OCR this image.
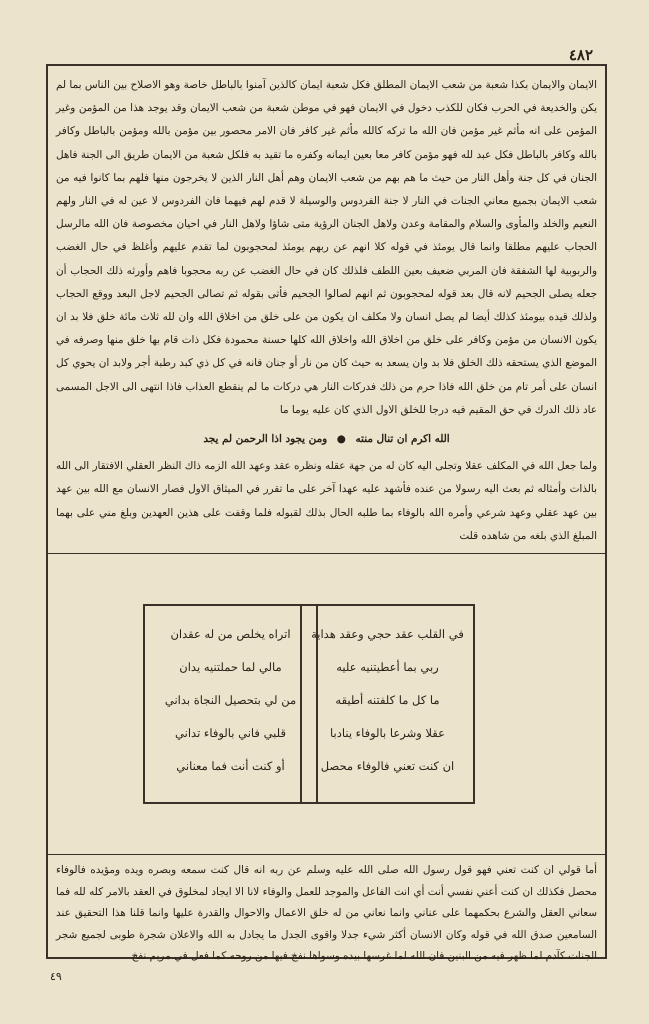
٤٨٢

الايمان والايمان بكذا شعبة من شعب الايمان المطلق فكل شعبة ايمان كالذين آمنوا بالباطل خاصة وهو الاصلاح بين الناس بما لم يكن والخديعة في الحرب فكان للكذب دخول في الايمان فهو في موطن شعبة من شعب الايمان وقد يوجد هذا من المؤمن وغير المؤمن على انه مأثم غير مؤمن فان الله ما تركه كالله مأثم غير كافر فان الامر محصور بين مؤمن بالله ومؤمن بالباطل وكافر بالله وكافر بالباطل فكل عبد لله فهو مؤمن كافر معا بعين ايمانه وكفره ما تقيد به فلكل شعبة من الايمان طريق الى الجنة فاهل الجنان في كل جنة وأهل النار من حيث ما هم بهم من شعب الايمان وهم أهل النار الذين لا يخرجون منها فلهم بما كانوا فيه من شعب الايمان بجميع معاني الجنات في النار لا جنة الفردوس والوسيلة لا قدم لهم فيهما فان الفردوس لا عين له في النار ولهم النعيم والخلد والمأوى والسلام والمقامة وعدن ولاهل الجنان الرؤية متى شاؤا ولاهل النار في احيان مخصوصة فان الله مالرسل الحجاب عليهم مطلقا وانما قال يومئذ في قوله كلا انهم عن ربهم يومئذ لمحجوبون لما تقدم عليهم وأغلظ في حال الغضب والربوبية لها الشفقة فان المربي ضعيف بعين اللطف فلذلك كان في حال الغضب عن ربه محجوبا فاهم وأورثه ذلك الحجاب أن جعله يصلى الجحيم لانه قال بعد قوله لمحجوبون ثم انهم لصالوا الجحيم فأتى بقوله ثم تصالى الجحيم لاجل البعد ووقع الحجاب ولذلك قيده بيومئذ كذلك أيضا لم يصل انسان ولا مكلف ان يكون من على خلق من اخلاق الله وان لله ثلاث مائة خلق فلا بد ان يكون الانسان من مؤمن وكافر على خلق من اخلاق الله واخلاق الله كلها حسنة محمودة فكل ذات قام بها خلق منها وصرفه في الموضع الذي يستحقه ذلك الخلق فلا بد وان يسعد به حيث كان من نار أو جنان فانه في كل ذي كبد رطبة أجر ولابد ان يحوي كل انسان على أمر تام من خلق الله فاذا حرم من ذلك فدركات النار هي دركات ما لم ينقطع العذاب فاذا انتهى الى الاجل المسمى عاد ذلك الدرك في حق المقيم فيه درجا للخلق الاول الذي كان عليه يوما ما

الله اكرم ان تنال منته ● ومن يجود اذا الرحمن لم يجد

ولما جعل الله في المكلف عقلا وتجلى اليه كان له من جهة عقله ونظره عقد وعهد الله الزمه ذاك النظر العقلي الافتقار الى الله بالذات وأمثاله ثم بعث اليه رسولا من عنده فأشهد عليه عهدا آخر على ما تقرر في الميثاق الاول فصار الانسان مع الله بين عهد بين عهد عقلي وعهد شرعي وأمره الله بالوفاء بما طلبه الحال بذلك لقبوله فلما وقفت على هذين العهدين وبلغ مني على بهما المبلغ الذي بلغه من شاهده قلت

في القلب عقد حجي وعقد هداية
ربي بما أعطيتنيه عليه
ما كل ما كلفتنه أطيقه
عقلا وشرعا بالوفاء ينادبا
ان كنت تعني فالوفاء محصل
اتراه يخلص من له عقدان
مالي لما حملتنيه يدان
من لي بتحصيل النجاة بداني
قلبي فاني بالوفاء تداني
أو كنت أنت فما معناني

أما قولي ان كنت تعني فهو قول رسول الله صلى الله عليه وسلم عن ربه انه قال كنت سمعه وبصره ويده ومؤيده فالوفاء محصل فكذلك ان كنت أعني نفسي أنت أي انت الفاعل والموجد للعمل والوفاء لانا الا ايجاد لمخلوق في العقد بالامر كله لله فما سعاني العقل والشرع بحكمهما على عناني وانما نعاني من له خلق الاعمال والاحوال والقدرة عليها وانما قلنا هذا التحقيق عند السامعين صدق الله في قوله وكان الانسان أكثر شيء جدلا واقوى الجدل ما يجادل به الله والاعلان شجرة طوبى لجميع شجر الجنات كآدم لما ظهر فيه من البنين فان الله لما غرسها بيده وسواها نفخ فيها من روحه كما فعل في مريم نفخ

٤٩
